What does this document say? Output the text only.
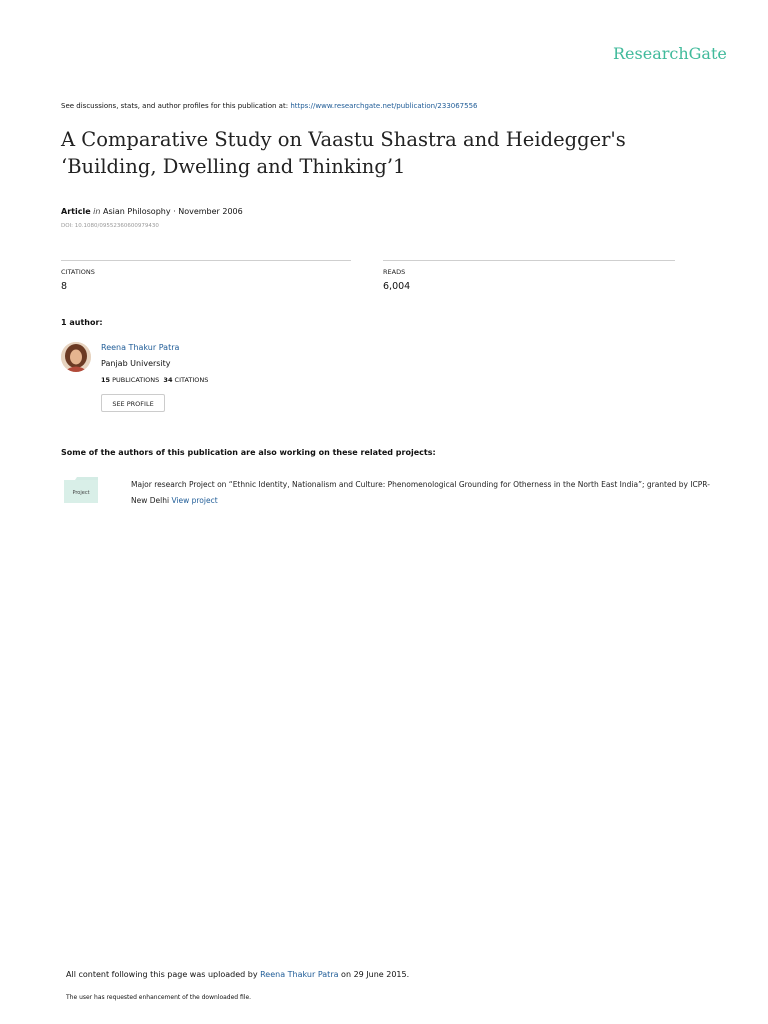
ResearchGate
See discussions, stats, and author profiles for this publication at: https://www.researchgate.net/publication/233067556
A Comparative Study on Vaastu Shastra and Heidegger's ‘Building, Dwelling and Thinking’1
Article in Asian Philosophy · November 2006
DOI: 10.1080/09552360600979430
CITATIONS
8
READS
6,004
1 author:
Reena Thakur Patra
Panjab University
15 PUBLICATIONS 34 CITATIONS
SEE PROFILE
Some of the authors of this publication are also working on these related projects:
Project
Major research Project on “Ethnic Identity, Nationalism and Culture: Phenomenological Grounding for Otherness in the North East India”; granted by ICPR- New Delhi View project
All content following this page was uploaded by Reena Thakur Patra on 29 June 2015.
The user has requested enhancement of the downloaded file.
